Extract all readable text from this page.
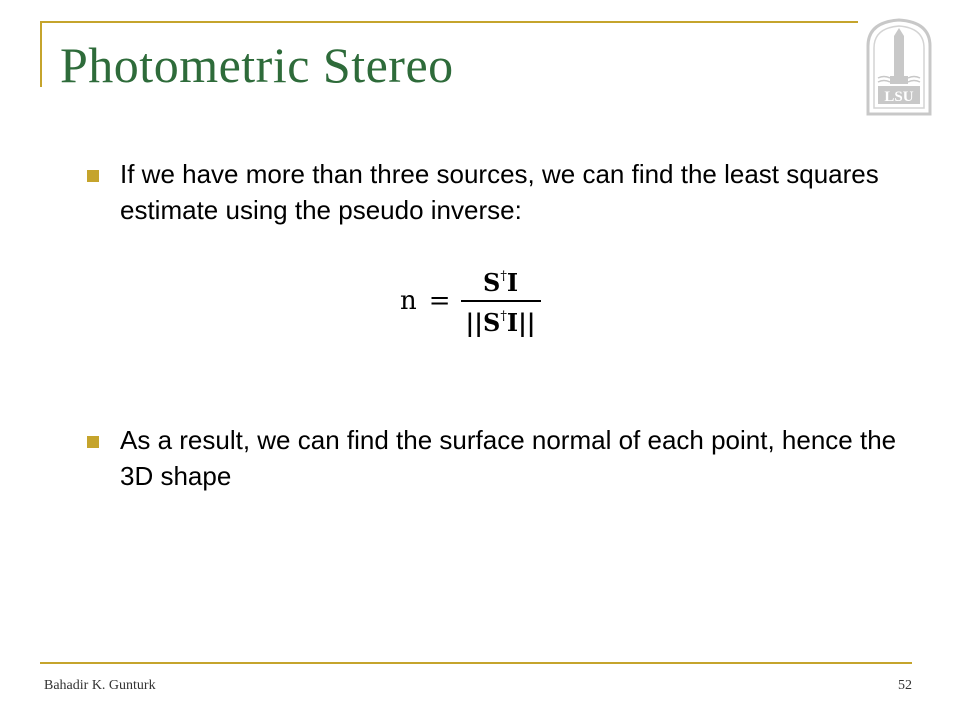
Photometric Stereo
LSU

If we have more than three sources, we can find the least squares estimate using the pseudo inverse:

$n = \frac{S^\dagger I}{||S^\dagger I||}$

As a result, we can find the surface normal of each point, hence the 3D shape

Bahadir K. Gunturk	52
